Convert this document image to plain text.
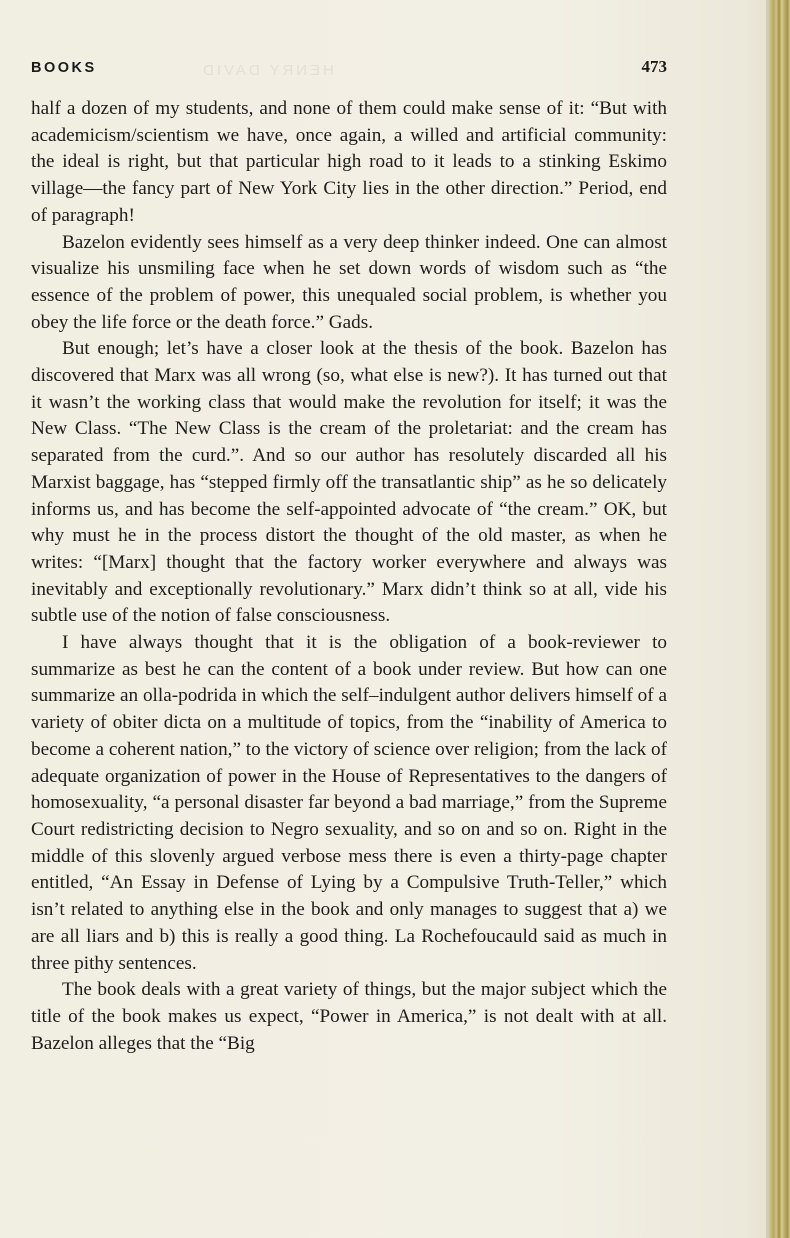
HENRY DAVID
BOOKS	473

half a dozen of my students, and none of them could make sense of it: “But with academicism/scientism we have, once again, a willed and artificial community: the ideal is right, but that particular high road to it leads to a stinking Eskimo village—the fancy part of New York City lies in the other direction.” Period, end of paragraph!

Bazelon evidently sees himself as a very deep thinker indeed. One can almost visualize his unsmiling face when he set down words of wisdom such as “the essence of the problem of power, this unequaled social problem, is whether you obey the life force or the death force.” Gads.

But enough; let’s have a closer look at the thesis of the book. Bazelon has discovered that Marx was all wrong (so, what else is new?). It has turned out that it wasn’t the working class that would make the revolution for itself; it was the New Class. “The New Class is the cream of the proletariat: and the cream has separated from the curd.”. And so our author has resolutely discarded all his Marxist baggage, has “stepped firmly off the transatlantic ship” as he so delicately informs us, and has become the self-appointed advocate of “the cream.” OK, but why must he in the process distort the thought of the old master, as when he writes: “[Marx] thought that the factory worker everywhere and always was inevitably and exceptionally revolutionary.” Marx didn’t think so at all, vide his subtle use of the notion of false consciousness.

I have always thought that it is the obligation of a book-reviewer to summarize as best he can the content of a book under review. But how can one summarize an olla-podrida in which the self–indulgent author delivers himself of a variety of obiter dicta on a multitude of topics, from the “inability of America to become a coherent nation,” to the victory of science over religion; from the lack of adequate organization of power in the House of Representatives to the dangers of homosexuality, “a personal disaster far beyond a bad marriage,” from the Supreme Court redistricting decision to Negro sexuality, and so on and so on. Right in the middle of this slovenly argued verbose mess there is even a thirty-page chapter entitled, “An Essay in Defense of Lying by a Compulsive Truth-Teller,” which isn’t related to anything else in the book and only manages to suggest that a) we are all liars and b) this is really a good thing. La Rochefoucauld said as much in three pithy sentences.

The book deals with a great variety of things, but the major subject which the title of the book makes us expect, “Power in America,” is not dealt with at all. Bazelon alleges that the “Big
